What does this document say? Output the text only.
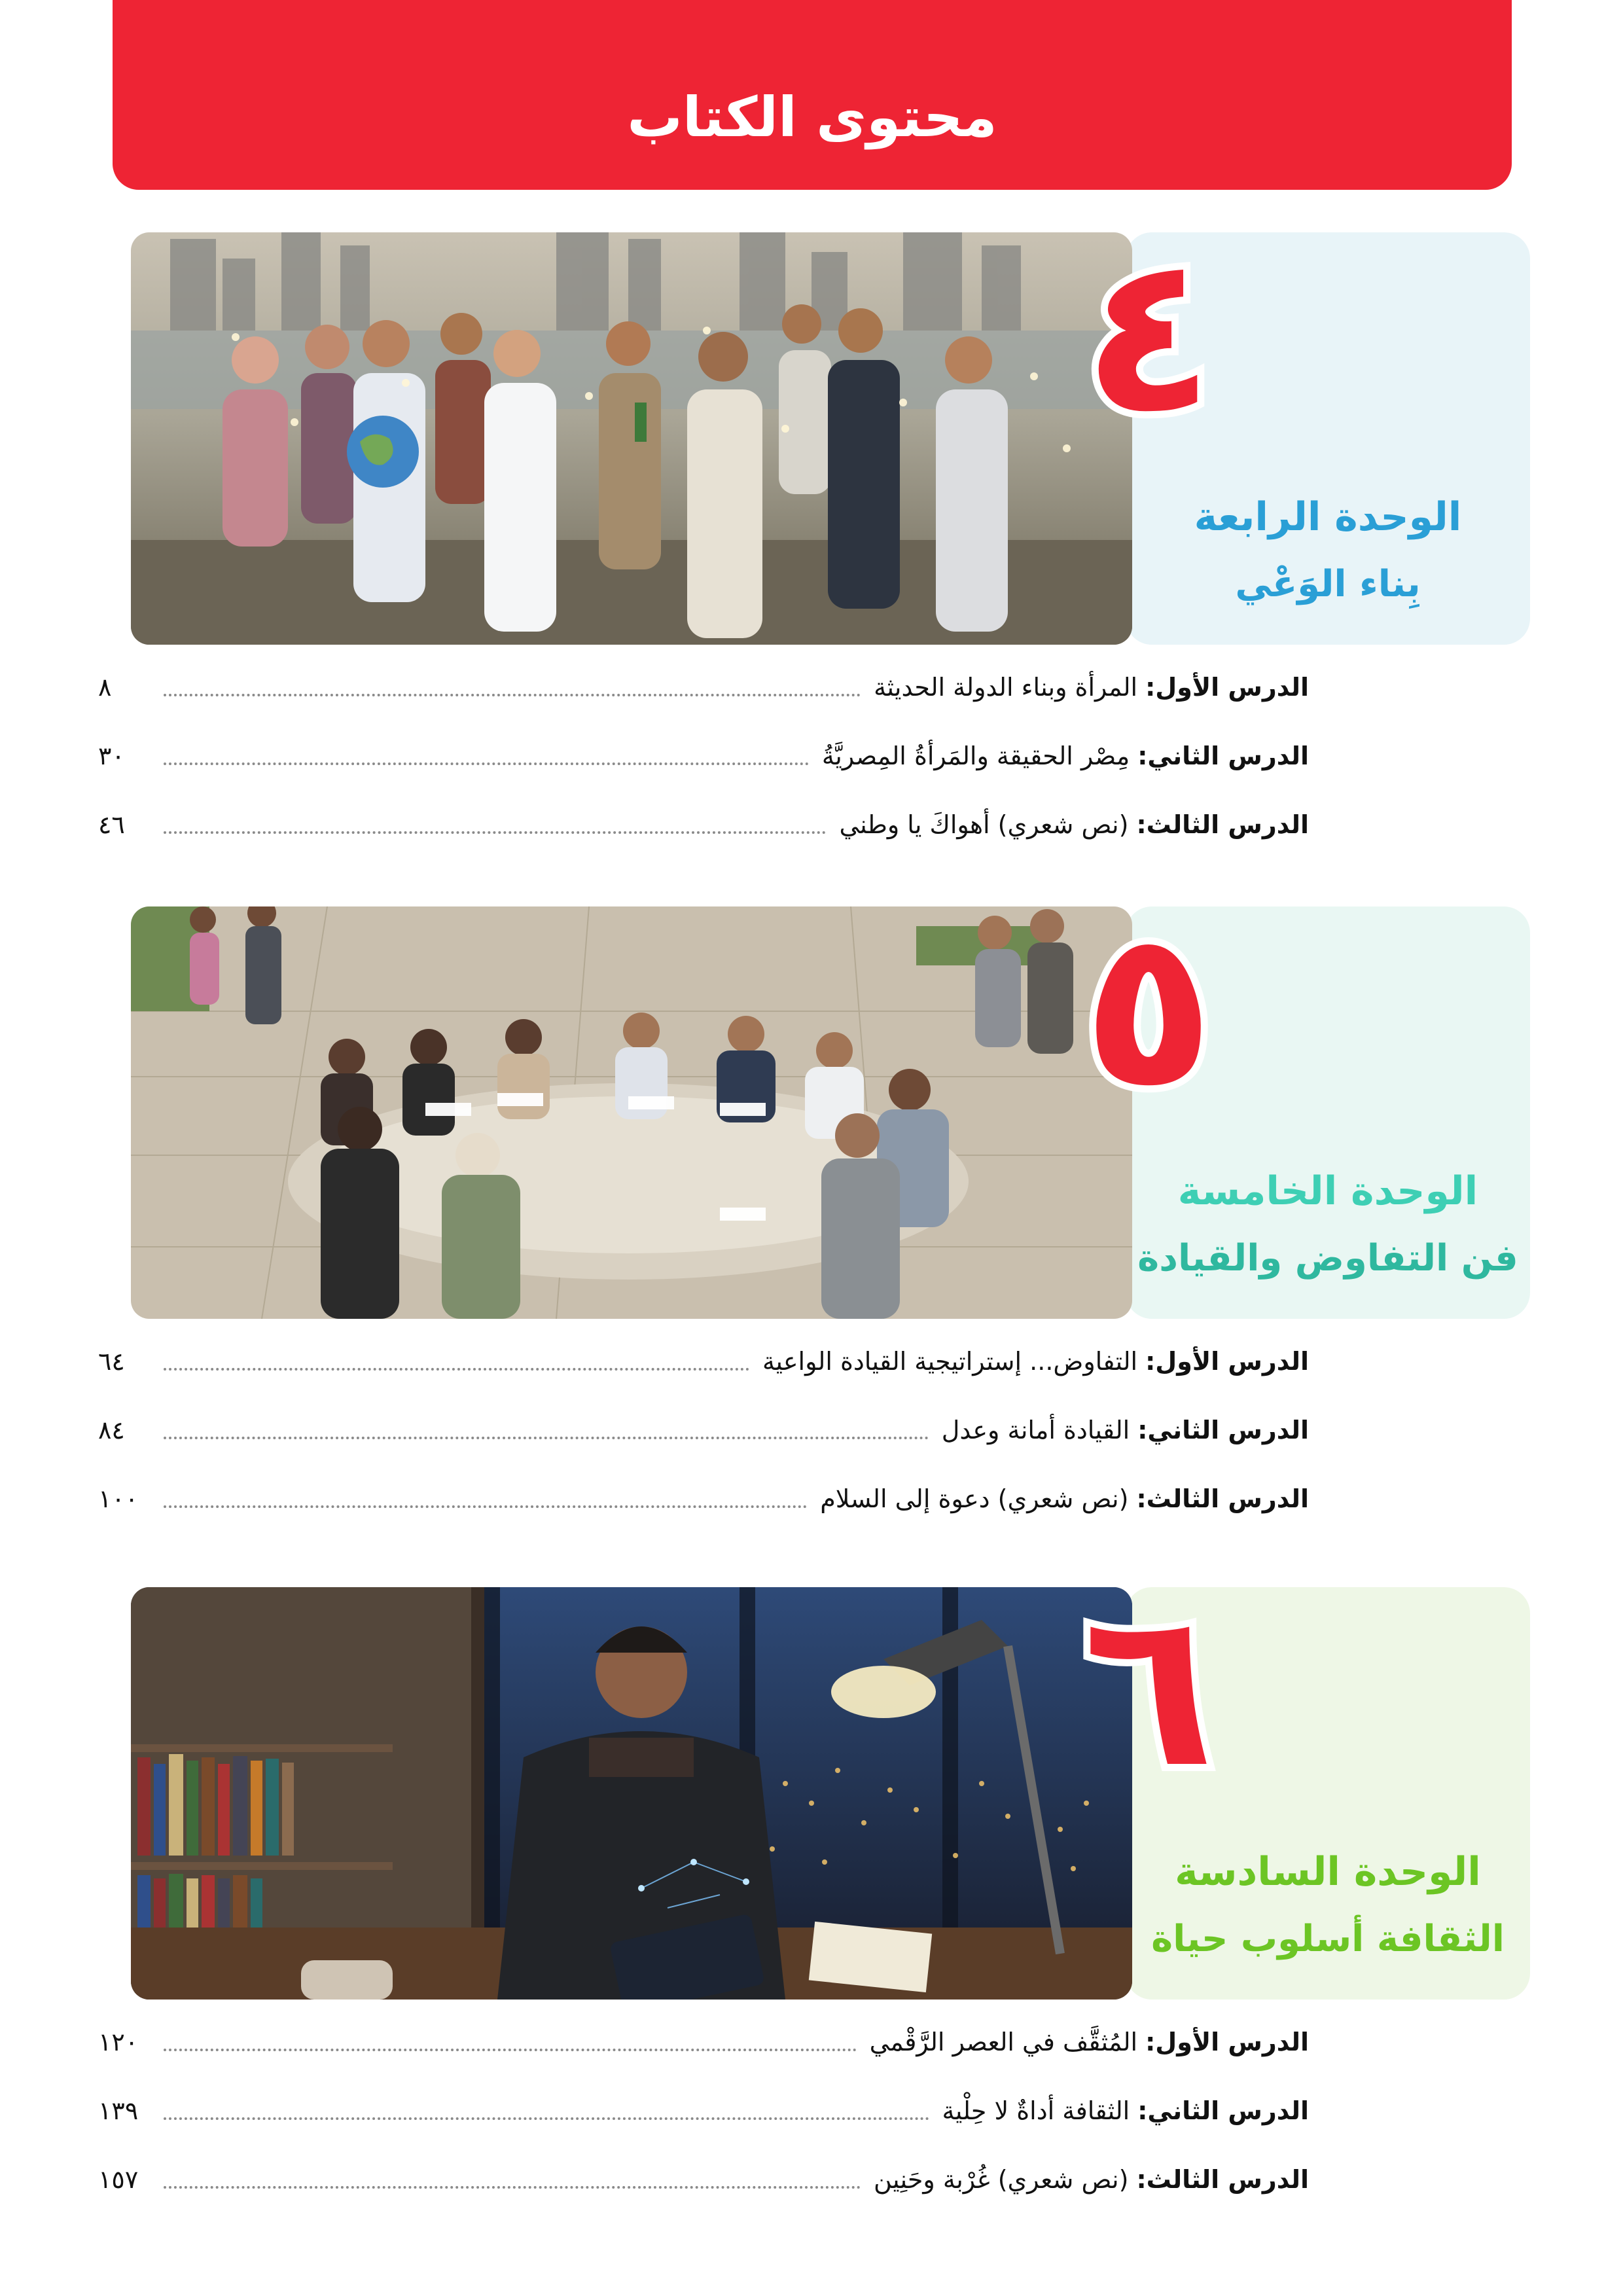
محتوى الكتاب
٤
الوحدة الرابعة
بِناء الوَعْي
الدرس الأول:
المرأة وبناء الدولة الحديثة
٨
الدرس الثاني:
مِصْر الحقيقة والمَرأةُ المِصريَّةُ
٣٠
الدرس الثالث:
(نص شعري) أهواكَ يا وطني
٤٦
٥
الوحدة الخامسة
فن التفاوض والقيادة
الدرس الأول:
التفاوض... إستراتيجية القيادة الواعية
٦٤
الدرس الثاني:
القيادة أمانة وعدل
٨٤
الدرس الثالث:
(نص شعري) دعوة إلى السلام
١٠٠
٦
الوحدة السادسة
الثقافة أسلوب حياة
الدرس الأول:
المُثقَّف في العصر الرَّقْمي
١٢٠
الدرس الثاني:
الثقافة أداةٌ لا حِلْية
١٣٩
الدرس الثالث:
(نص شعري) غُرْبة وحَنِين
١٥٧
